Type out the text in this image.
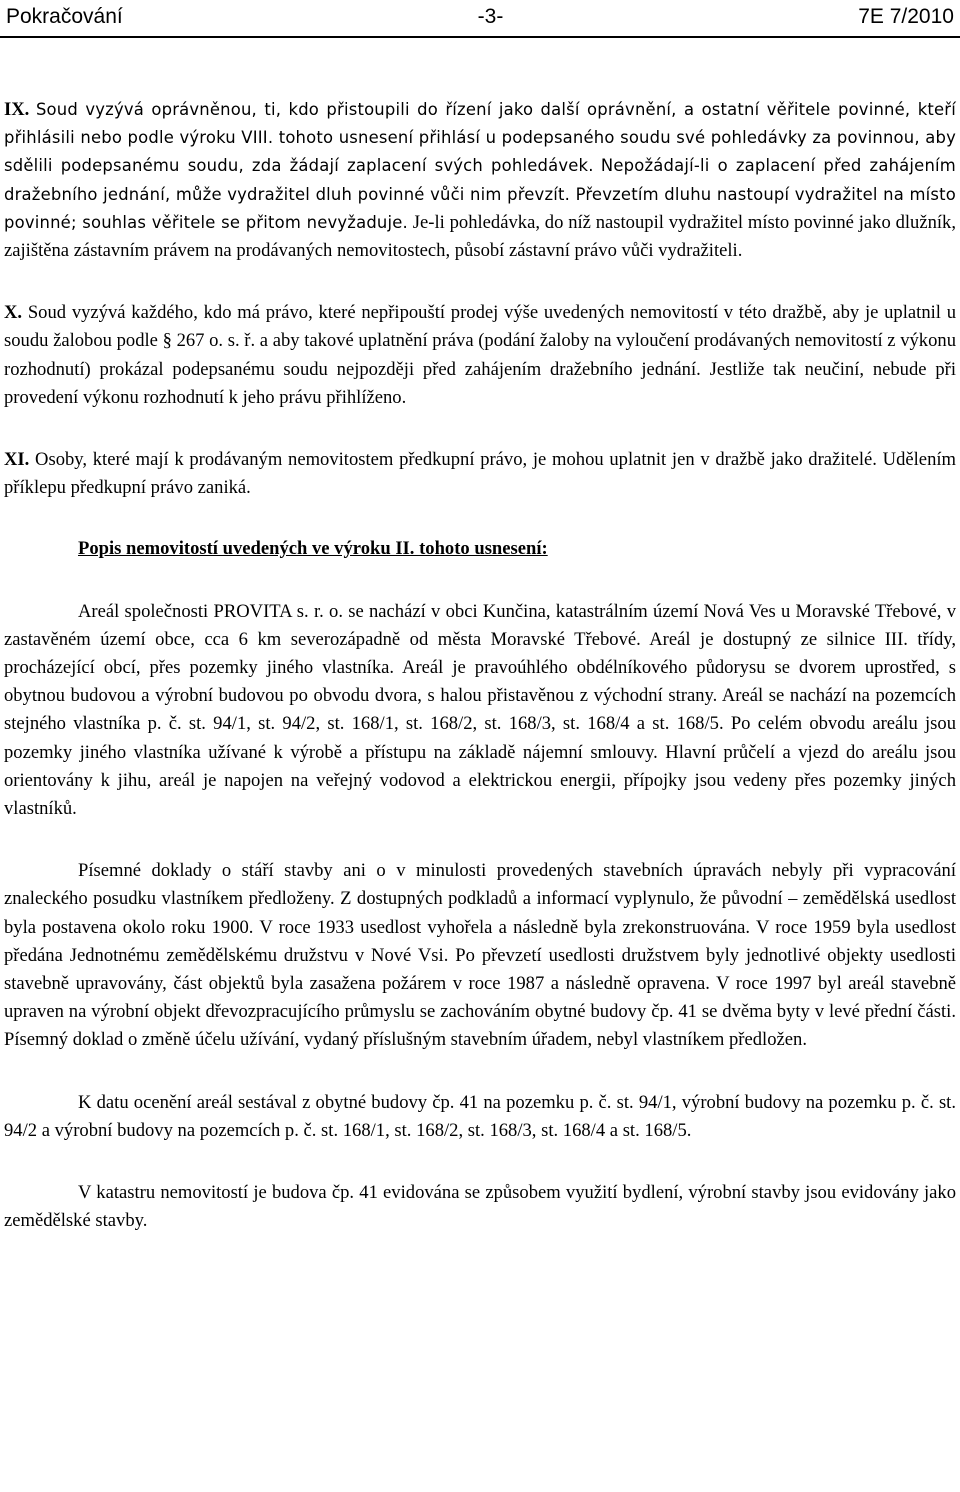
Pokračování	-3-	7E 7/2010

IX. Soud vyzývá oprávněnou, ti, kdo přistoupili do řízení jako další oprávnění, a ostatní věřitele povinné, kteří přihlásili nebo podle výroku VIII. tohoto usnesení přihlásí u podepsaného soudu své pohledávky za povinnou, aby sdělili podepsanému soudu, zda žádají zaplacení svých pohledávek. Nepožádají-li o zaplacení před zahájením dražebního jednání, může vydražitel dluh povinné vůči nim převzít. Převzetím dluhu nastoupí vydražitel na místo povinné; souhlas věřitele se přitom nevyžaduje. Je-li pohledávka, do níž nastoupil vydražitel místo povinné jako dlužník, zajištěna zástavním právem na prodávaných nemovitostech, působí zástavní právo vůči vydražiteli.

X. Soud vyzývá každého, kdo má právo, které nepřipouští prodej výše uvedených nemovitostí v této dražbě, aby je uplatnil u soudu žalobou podle § 267 o. s. ř. a aby takové uplatnění práva (podání žaloby na vyloučení prodávaných nemovitostí z výkonu rozhodnutí) prokázal podepsanému soudu nejpozději před zahájením dražebního jednání. Jestliže tak neučiní, nebude při provedení výkonu rozhodnutí k jeho právu přihlíženo.

XI. Osoby, které mají k prodávaným nemovitostem předkupní právo, je mohou uplatnit jen v dražbě jako dražitelé. Udělením příklepu předkupní právo zaniká.

Popis nemovitostí uvedených ve výroku II. tohoto usnesení:

Areál společnosti PROVITA s. r. o. se nachází v obci Kunčina, katastrálním území Nová Ves u Moravské Třebové, v zastavěném území obce, cca 6 km severozápadně od města Moravské Třebové. Areál je dostupný ze silnice III. třídy, procházející obcí, přes pozemky jiného vlastníka. Areál je pravoúhlého obdélníkového půdorysu se dvorem uprostřed, s obytnou budovou a výrobní budovou po obvodu dvora, s halou přistavěnou z východní strany. Areál se nachází na pozemcích stejného vlastníka p. č. st. 94/1, st. 94/2, st. 168/1, st. 168/2, st. 168/3, st. 168/4 a st. 168/5. Po celém obvodu areálu jsou pozemky jiného vlastníka užívané k výrobě a přístupu na základě nájemní smlouvy. Hlavní průčelí a vjezd do areálu jsou orientovány k jihu, areál je napojen na veřejný vodovod a elektrickou energii, přípojky jsou vedeny přes pozemky jiných vlastníků.

Písemné doklady o stáří stavby ani o v minulosti provedených stavebních úpravách nebyly při vypracování znaleckého posudku vlastníkem předloženy. Z dostupných podkladů a informací vyplynulo, že původní – zemědělská usedlost byla postavena okolo roku 1900. V roce 1933 usedlost vyhořela a následně byla zrekonstruována. V roce 1959 byla usedlost předána Jednotnému zemědělskému družstvu v Nové Vsi. Po převzetí usedlosti družstvem byly jednotlivé objekty usedlosti stavebně upravovány, část objektů byla zasažena požárem v roce 1987 a následně opravena. V roce 1997 byl areál stavebně upraven na výrobní objekt dřevozpracujícího průmyslu se zachováním obytné budovy čp. 41 se dvěma byty v levé přední části. Písemný doklad o změně účelu užívání, vydaný příslušným stavebním úřadem, nebyl vlastníkem předložen.

K datu ocenění areál sestával z obytné budovy čp. 41 na pozemku p. č. st. 94/1, výrobní budovy na pozemku p. č. st. 94/2 a výrobní budovy na pozemcích p. č. st. 168/1, st. 168/2, st. 168/3, st. 168/4 a st. 168/5.

V katastru nemovitostí je budova čp. 41 evidována se způsobem využití bydlení, výrobní stavby jsou evidovány jako zemědělské stavby.
